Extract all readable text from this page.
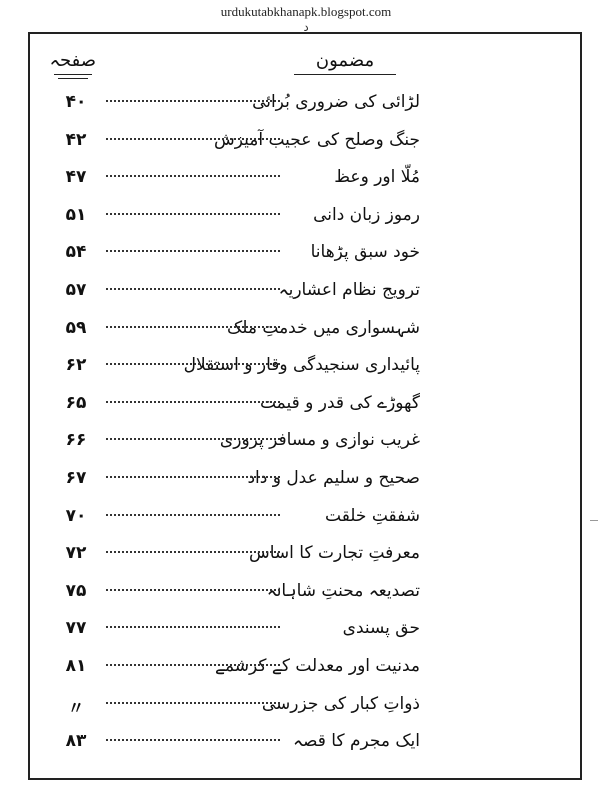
urdukutabkhanapk.blogspot.com
د
صفحہ	مضمون
لڑائی کی ضروری بُرائی
۴۰
جنگ وصلح کی عجیب آمیزش
۴۲
مُلّا اور وعظ
۴۷
رموز زبان دانی
۵۱
خود سبق پڑھانا
۵۴
ترویج نظام اعشاریہ
۵۷
شہسواری میں خدمتِ ملک
۵۹
پائیداری سنجیدگی وقار و استقلال
۶۲
گھوڑے کی قدر و قیمت
۶۵
غریب نوازی و مسافر پروری
۶۶
صحیح و سلیم عدل و داد
۶۷
شفقتِ خلقت
۷۰
معرفتِ تجارت کا اساس
۷۲
تصدیعہ محنتِ شاہانہ
۷۵
حق پسندی
۷۷
مدنیت اور معدلت کے کرشمے
۸۱
ذواتِ کبار کی جزرسی
〃
ایک مجرم کا قصہ
۸۳
